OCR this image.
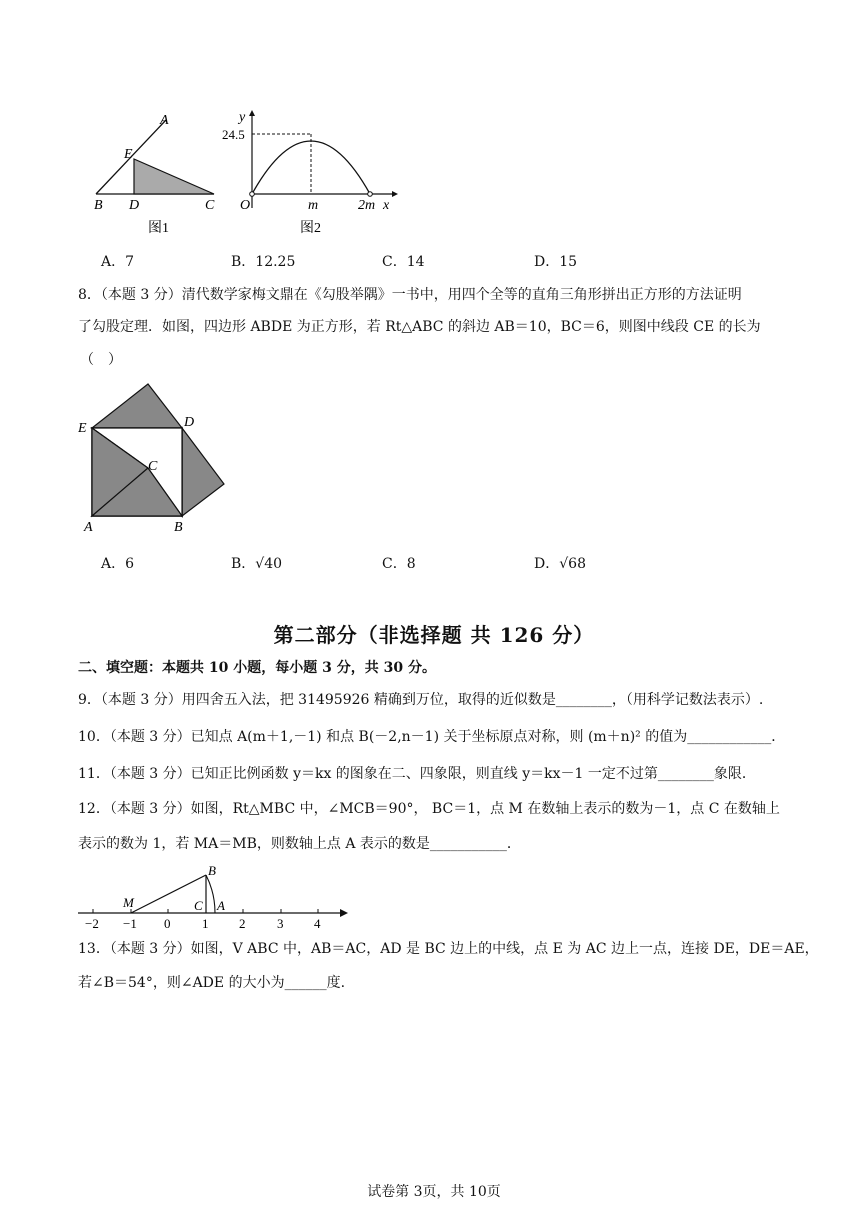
A
E
B D	C
图1
y
24.5
O	m	2m x
图2
A．7	B．12.25	C．14	D．15
8．（本题 3 分）清代数学家梅文鼎在《勾股举隅》一书中，用四个全等的直角三角形拼出正方形的方法证明
了勾股定理．如图，四边形 ABDE 为正方形，若 Rt△ABC 的斜边 AB＝10，BC＝6，则图中线段 CE 的长为
（　）
E	D
C
A	B
A．6	B．√40	C．8	D．√68
第二部分（非选择题 共 126 分）
二、填空题：本题共 10 小题，每小题 3 分，共 30 分。
9．（本题 3 分）用四舍五入法，把 31495926 精确到万位，取得的近似数是________，（用科学记数法表示）.
10．（本题 3 分）已知点 A(m＋1,－1) 和点 B(－2,n－1) 关于坐标原点对称，则 (m＋n)² 的值为____________．
11．（本题 3 分）已知正比例函数 y＝kx 的图象在二、四象限，则直线 y＝kx－1 一定不过第________象限．
12．（本题 3 分）如图，Rt△MBC 中，∠MCB＝90°， BC＝1，点 M 在数轴上表示的数为－1，点 C 在数轴上
表示的数为 1，若 MA＝MB，则数轴上点 A 表示的数是___________．
M
B
C A
−2 −1 0 1 2 3 4
13．（本题 3 分）如图，V ABC 中，AB＝AC，AD 是 BC 边上的中线，点 E 为 AC 边上一点，连接 DE，DE＝AE，
若∠B＝54°，则∠ADE 的大小为______度.
试卷第 3页，共 10页
